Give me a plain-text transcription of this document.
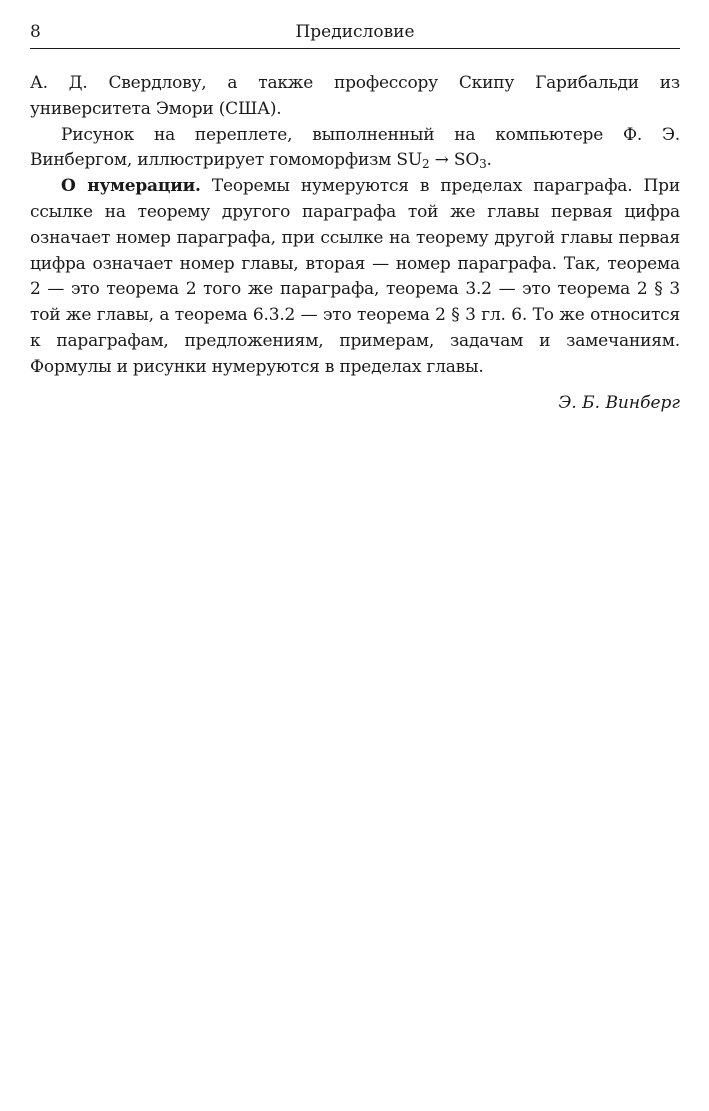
8	Предисловие

А. Д. Свердлову, а также профессору Скипу Гарибальди из университета Эмори (США).

Рисунок на переплете, выполненный на компьютере Ф. Э. Винбергом, иллюстрирует гомоморфизм $SU_2 \to SO_3$.

О нумерации. Теоремы нумеруются в пределах параграфа. При ссылке на теорему другого параграфа той же главы первая цифра означает номер параграфа, при ссылке на теорему другой главы первая цифра означает номер главы, вторая — номер параграфа. Так, теорема 2 — это теорема 2 того же параграфа, теорема 3.2 — это теорема 2 § 3 той же главы, а теорема 6.3.2 — это теорема 2 § 3 гл. 6. То же относится к параграфам, предложениям, примерам, задачам и замечаниям. Формулы и рисунки нумеруются в пределах главы.

Э. Б. Винберг
